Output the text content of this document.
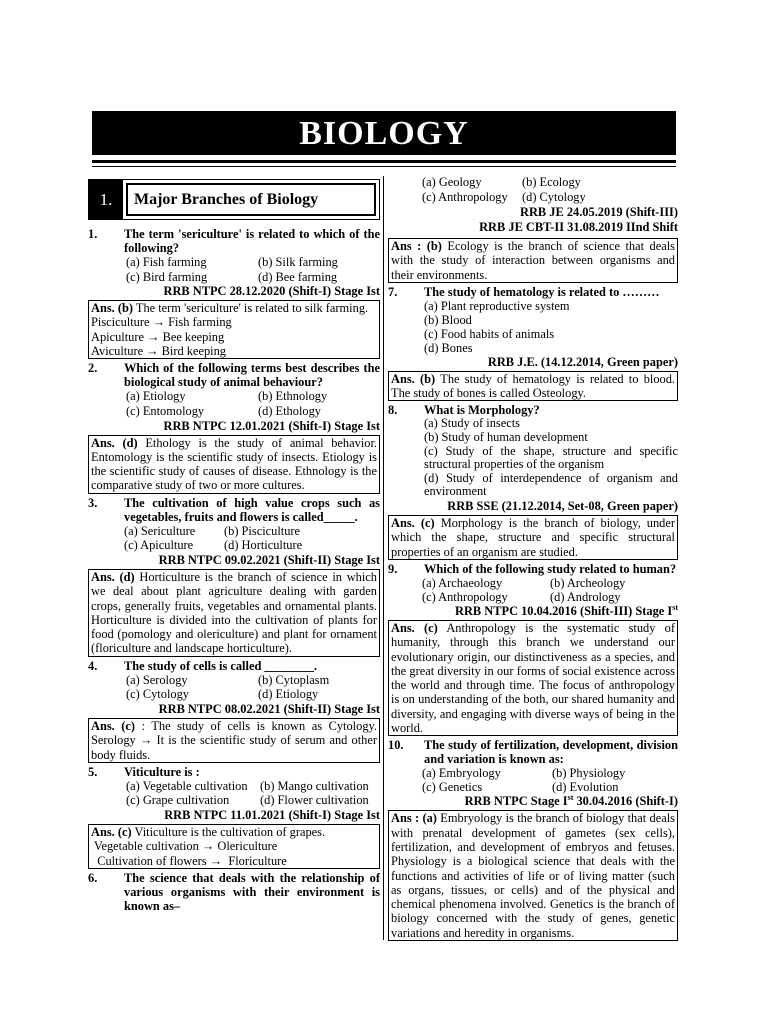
BIOLOGY
1.	Major Branches of Biology
1.	The term 'sericulture' is related to which of the following?
(a) Fish farming	(b) Silk farming
(c) Bird farming	(d) Bee farming
RRB NTPC 28.12.2020 (Shift-I) Stage Ist
Ans. (b) The term 'sericulture' is related to silk farming.
Pisciculture → Fish farming
Apiculture → Bee keeping
Aviculture → Bird keeping
2.	Which of the following terms best describes the biological study of animal behaviour?
(a) Etiology	(b) Ethnology
(c) Entomology	(d) Ethology
RRB NTPC 12.01.2021 (Shift-I) Stage Ist
Ans. (d) Ethology is the study of animal behavior. Entomology is the scientific study of insects. Etiology is the scientific study of causes of disease. Ethnology is the comparative study of two or more cultures.
3.	The cultivation of high value crops such as vegetables, fruits and flowers is called_____.
(a) Sericulture	(b) Pisciculture
(c) Apiculture	(d) Horticulture
RRB NTPC 09.02.2021 (Shift-II) Stage Ist
Ans. (d) Horticulture is the branch of science in which we deal about plant agriculture dealing with garden crops, generally fruits, vegetables and ornamental plants. Horticulture is divided into the cultivation of plants for food (pomology and olericulture) and plant for ornament (floriculture and landscape horticulture).
4.	The study of cells is called ________.
(a) Serology	(b) Cytoplasm
(c) Cytology	(d) Etiology
RRB NTPC 08.02.2021 (Shift-II) Stage Ist
Ans. (c) : The study of cells is known as Cytology. Serology → It is the scientific study of serum and other body fluids.
5.	Viticulture is :
(a) Vegetable cultivation	(b) Mango cultivation
(c) Grape cultivation	(d) Flower cultivation
RRB NTPC 11.01.2021 (Shift-I) Stage Ist
Ans. (c) Viticulture is the cultivation of grapes.
Vegetable cultivation → Olericulture
Cultivation of flowers →  Floriculture
6.	The science that deals with the relationship of various organisms with their environment is known as–
(a) Geology	(b) Ecology
(c) Anthropology	(d) Cytology
RRB JE 24.05.2019 (Shift-III)
RRB JE CBT-II 31.08.2019 IInd Shift
Ans : (b) Ecology is the branch of science that deals with the study of interaction between organisms and their environments.
7.	The study of hematology is related to ………
(a) Plant reproductive system
(b) Blood
(c) Food habits of animals
(d) Bones
RRB J.E. (14.12.2014, Green paper)
Ans. (b) The study of hematology is related to blood. The study of bones is called Osteology.
8.	What is Morphology?
(a) Study of insects
(b) Study of human development
(c) Study of the shape, structure and specific structural properties of the organism
(d) Study of interdependence of organism and environment
RRB SSE (21.12.2014, Set-08, Green paper)
Ans. (c) Morphology is the branch of biology, under which the shape, structure and specific structural properties of an organism are studied.
9.	Which of the following study related to human?
(a) Archaeology	(b) Archeology
(c) Anthropology	(d) Andrology
RRB NTPC 10.04.2016 (Shift-III) Stage Ist
Ans. (c) Anthropology is the systematic study of humanity, through this branch we understand our evolutionary origin, our distinctiveness as a species, and the great diversity in our forms of social existence across the world and through time. The focus of anthropology is on understanding of the both, our shared humanity and diversity, and engaging with diverse ways of being in the world.
10.	The study of fertilization, development, division and variation is known as:
(a) Embryology	(b) Physiology
(c) Genetics	(d) Evolution
RRB NTPC Stage Ist 30.04.2016 (Shift-I)
Ans : (a) Embryology is the branch of biology that deals with prenatal development of gametes (sex cells), fertilization, and development of embryos and fetuses. Physiology is a biological science that deals with the functions and activities of life or of living matter (such as organs, tissues, or cells) and of the physical and chemical phenomena involved. Genetics is the branch of biology concerned with the study of genes, genetic variations and heredity in organisms.
